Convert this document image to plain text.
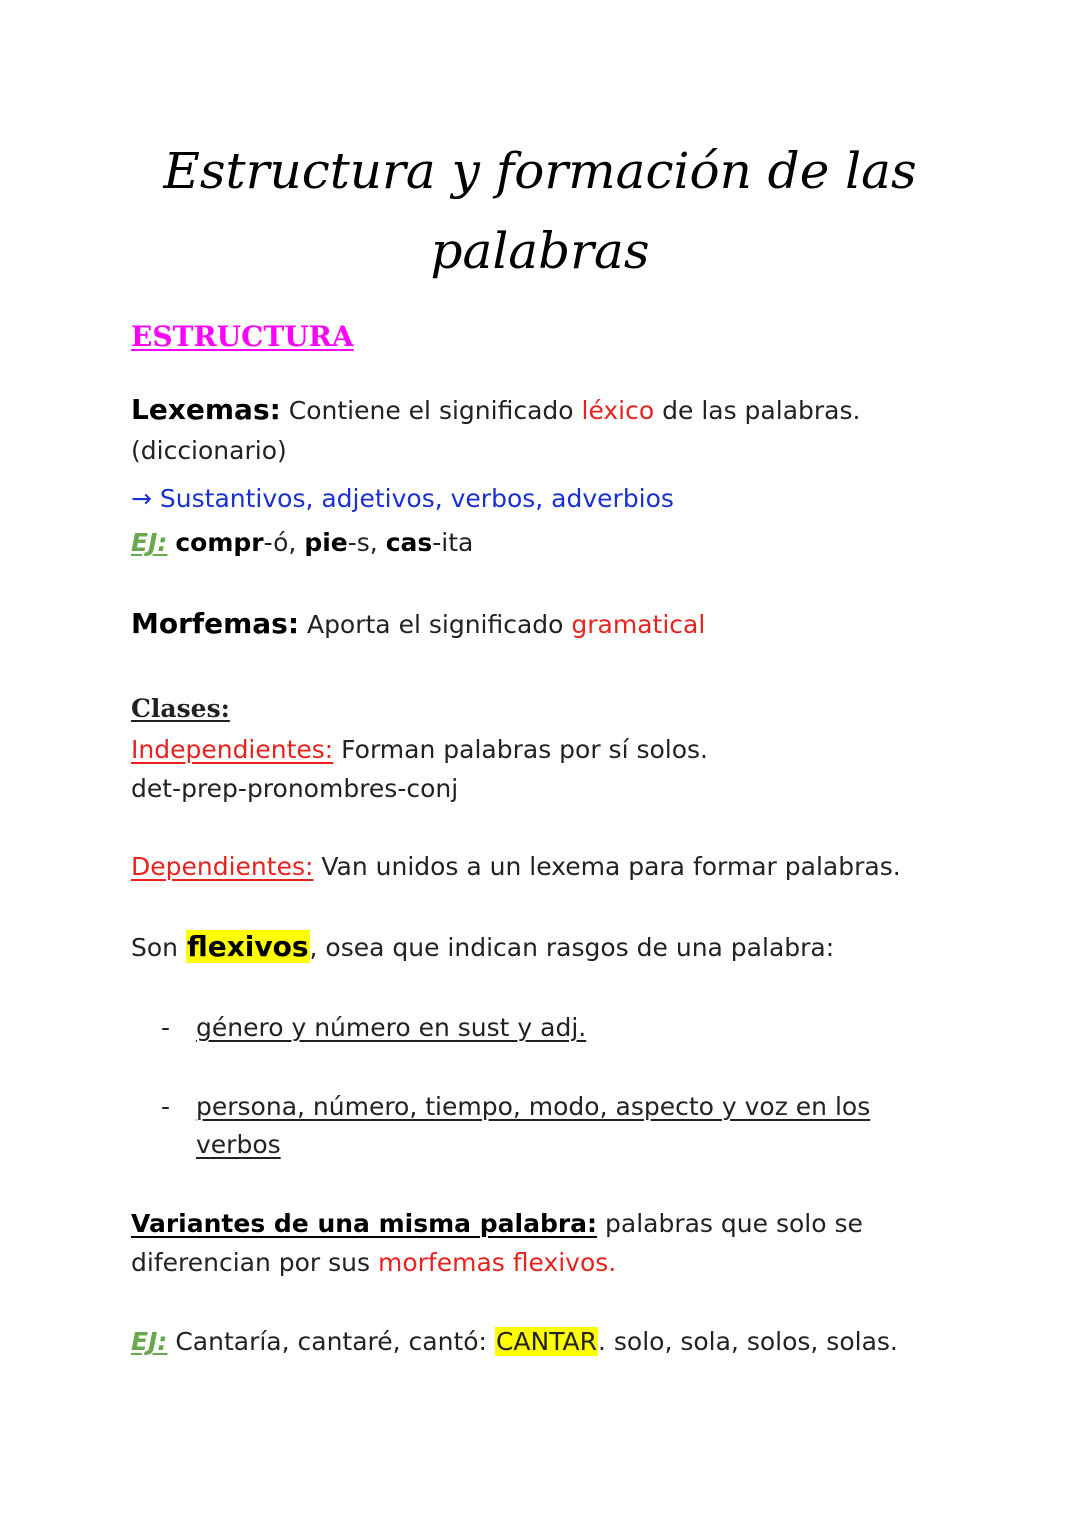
Estructura y formación de las
palabras
ESTRUCTURA
Lexemas: Contiene el significado léxico de las palabras.
(diccionario)
→ Sustantivos, adjetivos, verbos, adverbios
EJ: compr-ó, pie-s, cas-ita
Morfemas: Aporta el significado gramatical
Clases:
Independientes: Forman palabras por sí solos.
det-prep-pronombres-conj
Dependientes: Van unidos a un lexema para formar palabras.
Son flexivos, osea que indican rasgos de una palabra:
- género y número en sust y adj.
- persona, número, tiempo, modo, aspecto y voz en los
verbos
Variantes de una misma palabra: palabras que solo se
diferencian por sus morfemas flexivos.
EJ: Cantaría, cantaré, cantó: CANTAR. solo, sola, solos, solas.
